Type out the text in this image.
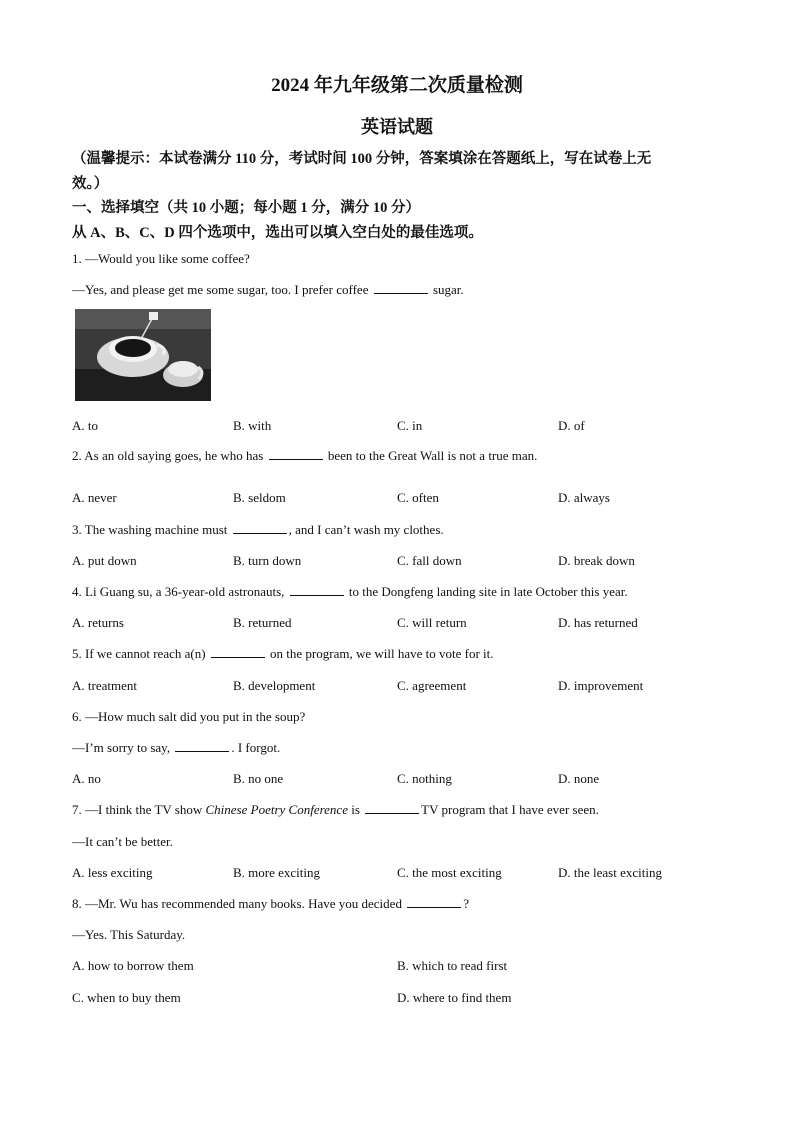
2024 年九年级第二次质量检测
英语试题
（温馨提示：本试卷满分 110 分，考试时间 100 分钟，答案填涂在答题纸上，写在试卷上无
效。）
一、选择填空（共 10 小题；每小题 1 分，满分 10 分）
从 A、B、C、D 四个选项中，选出可以填入空白处的最佳选项。
1. —Would you like some coffee?
—Yes, and please get me some sugar, too. I prefer coffee	sugar.
A. to	B. with	C. in	D. of
2. As an old saying goes, he who has	been to the Great Wall is not a true man.
A. never	B. seldom	C. often	D. always
3. The washing machine must	, and I can’t wash my clothes.
A. put down	B. turn down	C. fall down	D. break down
4. Li Guang su, a 36-year-old astronauts,	to the Dongfeng landing site in late October this year.
A. returns	B. returned	C. will return	D. has returned
5. If we cannot reach a(n)	on the program, we will have to vote for it.
A. treatment	B. development	C. agreement	D. improvement
6. —How much salt did you put in the soup?
—I’m sorry to say,	. I forgot.
A. no	B. no one	C. nothing	D. none
7. —I think the TV show Chinese Poetry Conference is	TV program that I have ever seen.
—It can’t be better.
A. less exciting	B. more exciting	C. the most exciting	D. the least exciting
8. —Mr. Wu has recommended many books. Have you decided	?
—Yes. This Saturday.
A. how to borrow them	B. which to read first
C. when to buy them	D. where to find them
